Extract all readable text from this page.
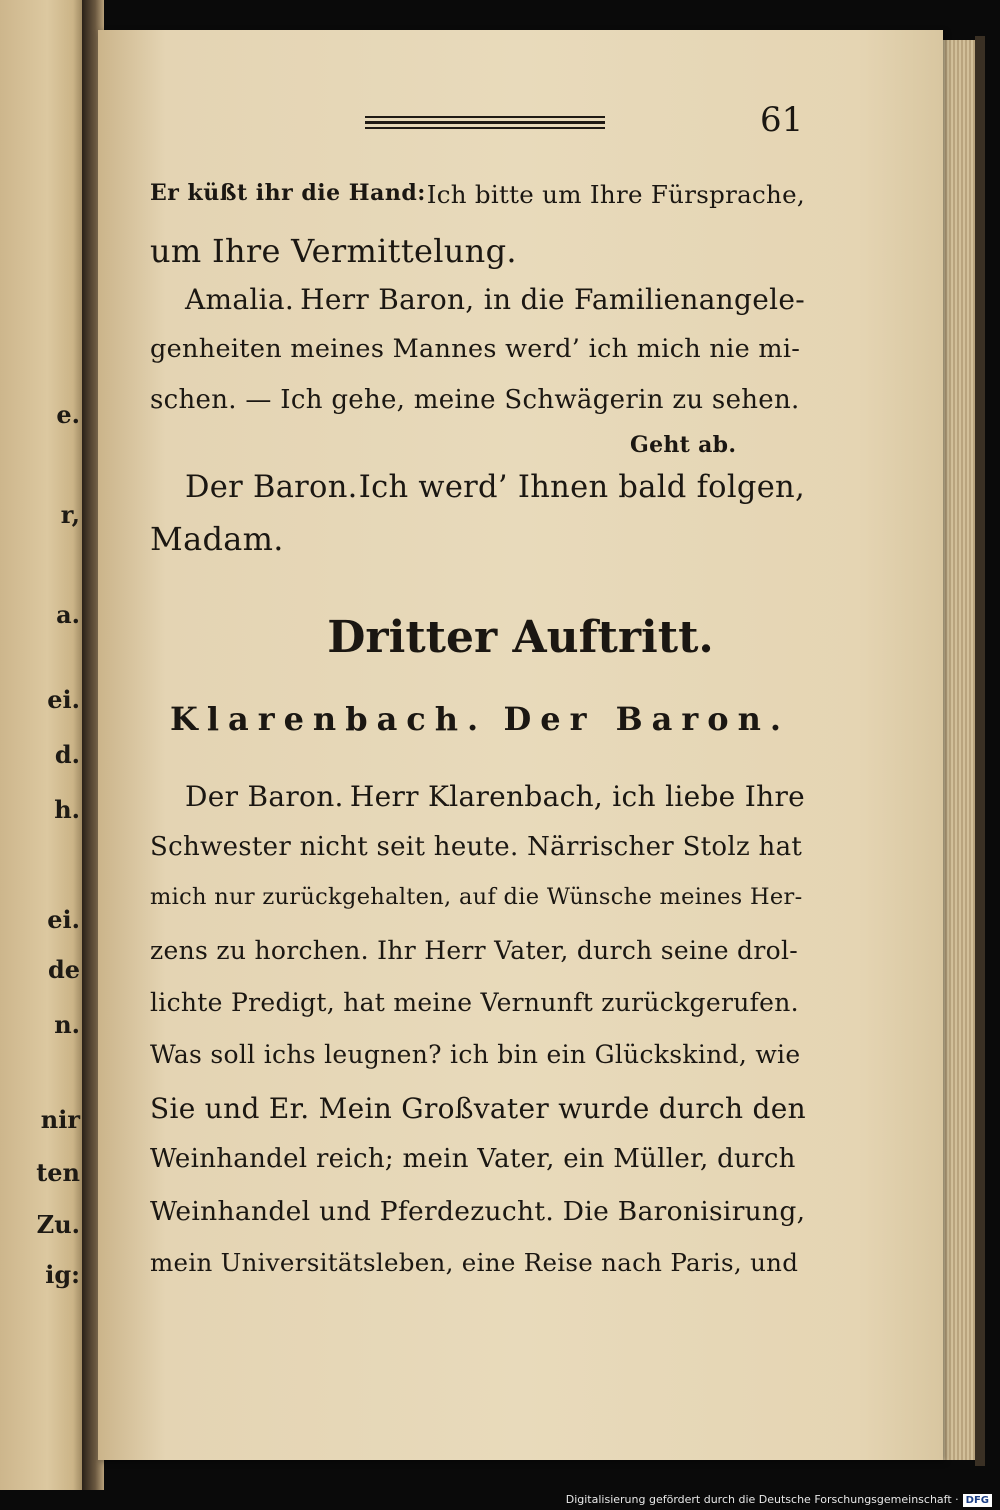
e.
r,
a.
ei.
d.
h.
ei.
de
n.
nir
ten
Zu.
ig:
61
Er küßt ihr die Hand: Ich bitte um Ihre Fürsprache,
um Ihre Vermittelung.
Amalia. Herr Baron, in die Familienangele-
genheiten meines Mannes werd’ ich mich nie mi-
schen. — Ich gehe, meine Schwägerin zu sehen.
Geht ab.
Der Baron. Ich werd’ Ihnen bald folgen,
Madam.
Dritter Auftritt.
Klarenbach. Der Baron.
Der Baron. Herr Klarenbach, ich liebe Ihre
Schwester nicht seit heute. Närrischer Stolz hat
mich nur zurückgehalten, auf die Wünsche meines Her-
zens zu horchen. Ihr Herr Vater, durch seine drol-
lichte Predigt, hat meine Vernunft zurückgerufen.
Was soll ichs leugnen? ich bin ein Glückskind, wie
Sie und Er. Mein Großvater wurde durch den
Weinhandel reich; mein Vater, ein Müller, durch
Weinhandel und Pferdezucht. Die Baronisirung,
mein Universitätsleben, eine Reise nach Paris, und
Digitalisierung gefördert durch die Deutsche Forschungsgemeinschaft · DFG
